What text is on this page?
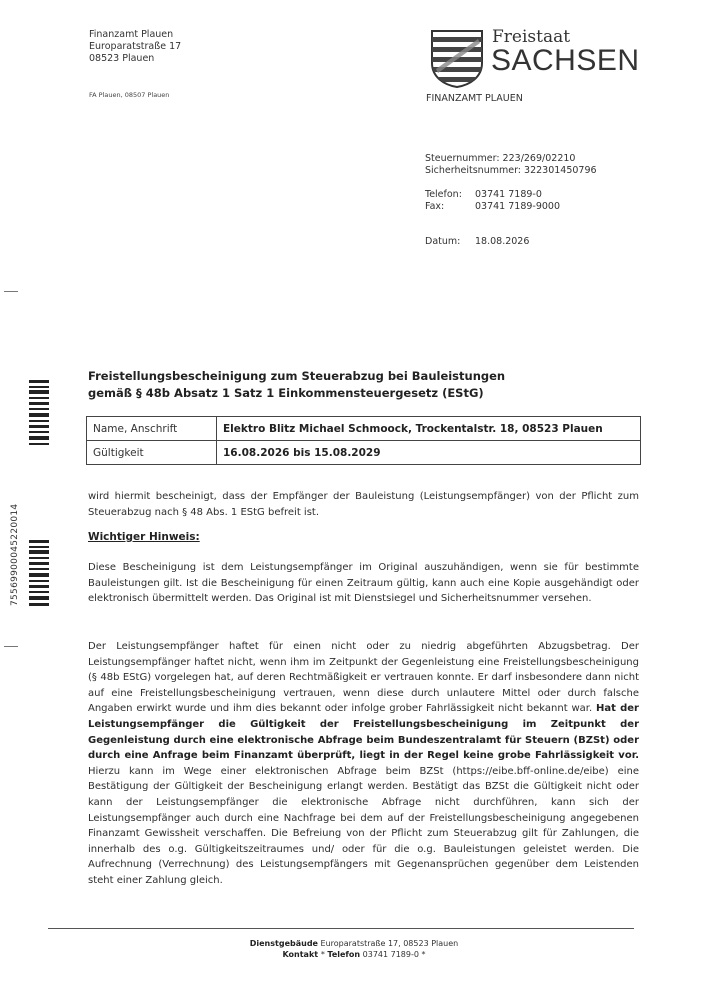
Finanzamt Plauen
Europaratstraße 17
08523 Plauen
FA Plauen, 08507 Plauen
Freistaat
SACHSEN
FINANZAMT PLAUEN
Steuernummer: 223/269/02210
Sicherheitsnummer: 322301450796
Telefon: 03741 7189-0
Fax:	03741 7189-9000
Datum: 18.08.2026
75569900045220014
Freistellungsbescheinigung zum Steuerabzug bei Bauleistungen
gemäß § 48b Absatz 1 Satz 1 Einkommensteuergesetz (EStG)
Name, Anschrift	Elektro Blitz Michael Schmoock, Trockentalstr. 18, 08523 Plauen
Gültigkeit	16.08.2026 bis 15.08.2029
wird hiermit bescheinigt, dass der Empfänger der Bauleistung (Leistungsempfänger) von der Pflicht zum Steuerabzug nach § 48 Abs. 1 EStG befreit ist.
Wichtiger Hinweis:
Diese Bescheinigung ist dem Leistungsempfänger im Original auszuhändigen, wenn sie für bestimmte Bauleistungen gilt. Ist die Bescheinigung für einen Zeitraum gültig, kann auch eine Kopie ausgehändigt oder elektronisch übermittelt werden. Das Original ist mit Dienstsiegel und Sicherheitsnummer versehen.
Der Leistungsempfänger haftet für einen nicht oder zu niedrig abgeführten Abzugsbetrag. Der Leistungsempfänger haftet nicht, wenn ihm im Zeitpunkt der Gegenleistung eine Freistellungsbescheinigung (§ 48b EStG) vorgelegen hat, auf deren Rechtmäßigkeit er vertrauen konnte. Er darf insbesondere dann nicht auf eine Freistellungsbescheinigung vertrauen, wenn diese durch unlautere Mittel oder durch falsche Angaben erwirkt wurde und ihm dies bekannt oder infolge grober Fahrlässigkeit nicht bekannt war. Hat der Leistungsempfänger die Gültigkeit der Freistellungsbescheinigung im Zeitpunkt der Gegenleistung durch eine elektronische Abfrage beim Bundeszentralamt für Steuern (BZSt) oder durch eine Anfrage beim Finanzamt überprüft, liegt in der Regel keine grobe Fahrlässigkeit vor. Hierzu kann im Wege einer elektronischen Abfrage beim BZSt (https://eibe.bff-online.de/eibe) eine Bestätigung der Gültigkeit der Bescheinigung erlangt werden. Bestätigt das BZSt die Gültigkeit nicht oder kann der Leistungsempfänger die elektronische Abfrage nicht durchführen, kann sich der Leistungsempfänger auch durch eine Nachfrage bei dem auf der Freistellungsbescheinigung angegebenen Finanzamt Gewissheit verschaffen. Die Befreiung von der Pflicht zum Steuerabzug gilt für Zahlungen, die innerhalb des o.g. Gültigkeitszeitraumes und/ oder für die o.g. Bauleistungen geleistet werden. Die Aufrechnung (Verrechnung) des Leistungsempfängers mit Gegenansprüchen gegenüber dem Leistenden steht einer Zahlung gleich.
Dienstgebäude Europaratstraße 17, 08523 Plauen
Kontakt * Telefon 03741 7189-0 *
